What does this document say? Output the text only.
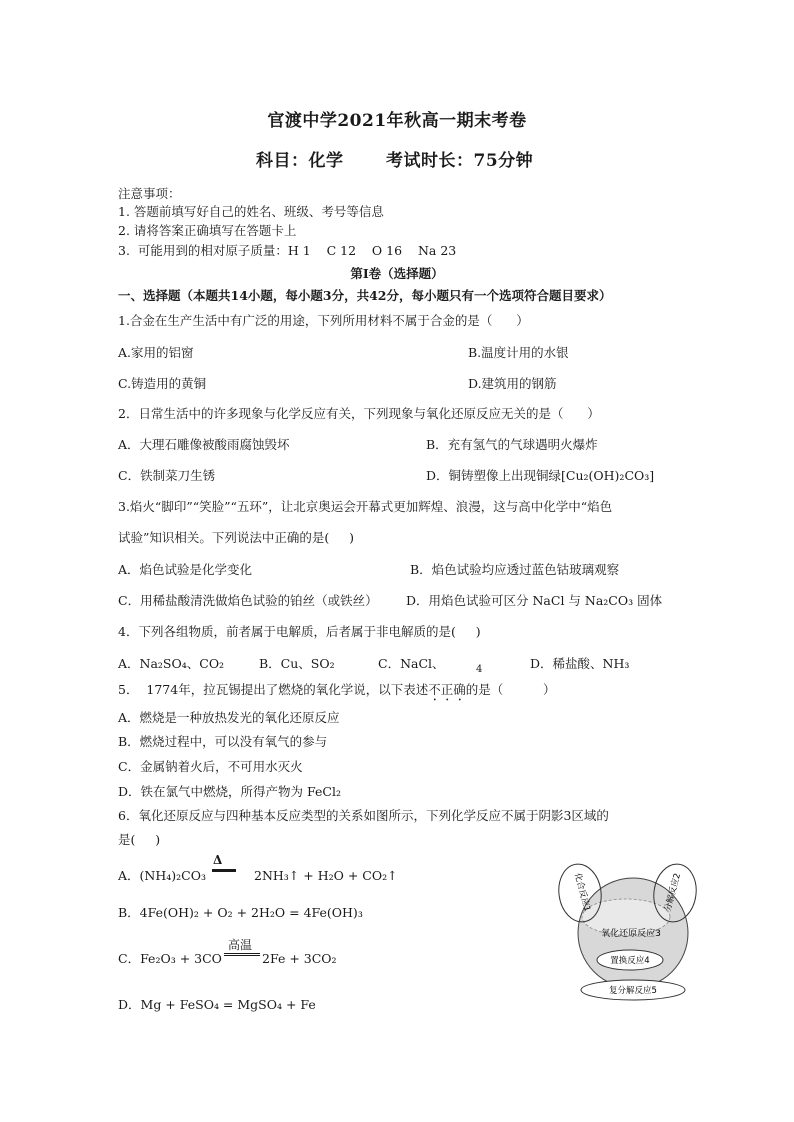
官渡中学2021年秋高一期末考卷
科目：化学	考试时长：75分钟
注意事项：
1. 答题前填写好自己的姓名、班级、考号等信息
2. 请将答案正确填写在答题卡上
3.  可能用到的相对原子质量：H 1    C 12    O 16    Na 23
第Ⅰ卷（选择题）
一、选择题（本题共14小题，每小题3分，共42分，每小题只有一个选项符合题目要求）
1.合金在生产生活中有广泛的用途，下列所用材料不属于合金的是（      ）
A.家用的铝窗	B.温度计用的水银
C.铸造用的黄铜	D.建筑用的钢筋
2．日常生活中的许多现象与化学反应有关，下列现象与氧化还原反应无关的是（      ）
A．大理石雕像被酸雨腐蚀毁坏	B．充有氢气的气球遇明火爆炸
C．铁制菜刀生锈	D．铜铸塑像上出现铜绿[Cu₂(OH)₂CO₃]
3.焰火“脚印”“笑脸”“五环”，让北京奥运会开幕式更加辉煌、浪漫，这与高中化学中“焰色
试验”知识相关。下列说法中正确的是(     )
A．焰色试验是化学变化	B．焰色试验均应透过蓝色钴玻璃观察
C．用稀盐酸清洗做焰色试验的铂丝（或铁丝） D．用焰色试验可区分 NaCl 与 Na₂CO₃ 固体
4．下列各组物质，前者属于电解质，后者属于非电解质的是(     )
A．Na₂SO₄、CO₂	B．Cu、SO₂	C．NaCl、	4	D．稀盐酸、NH₃
5．  1774年，拉瓦锡提出了燃烧的氧化学说，以下表述不正确的是（          ）
A．燃烧是一种放热发光的氧化还原反应
B．燃烧过程中，可以没有氧气的参与
C．金属钠着火后，不可用水灭火
D．铁在氯气中燃烧，所得产物为 FeCl₂
6．氧化还原反应与四种基本反应类型的关系如图所示，下列化学反应不属于阴影3区域的
是(     )
A．(NH₄)₂CO₃
Δ
2NH₃↑ + H₂O + CO₂↑
B．4Fe(OH)₂ + O₂ + 2H₂O = 4Fe(OH)₃
C．Fe₂O₃ + 3CO
高温
2Fe + 3CO₂
D．Mg + FeSO₄ = MgSO₄ + Fe
化合反应1	分解反应2
氧化还原反应3
置换反应4
复分解反应5
